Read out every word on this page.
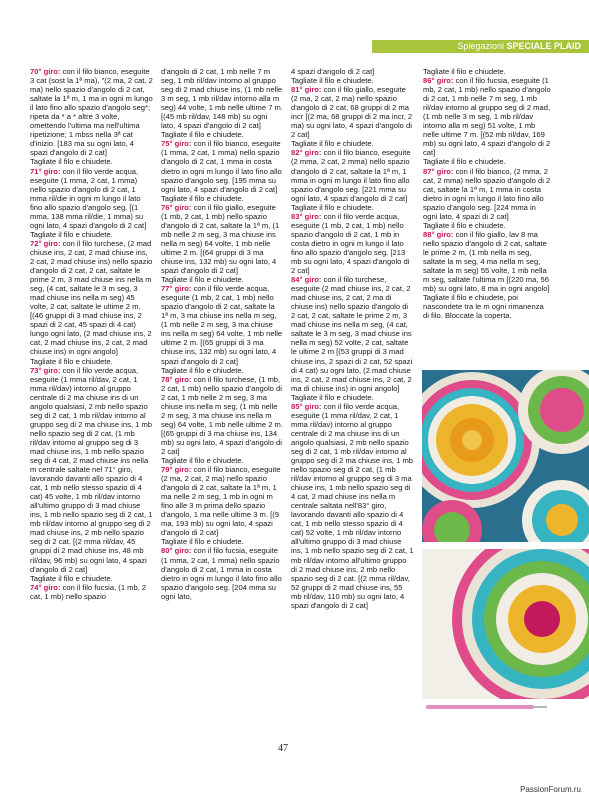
Spiegazioni SPECIALE PLAID

70° giro: con il filo bianco, eseguite 3 cat (sost la 1ª ma), "(2 ma, 2 cat, 2 ma) nello spazio d'angolo di 2 cat, saltate la 1ª m, 1 ma in ogni m lungo il lato fino allo spazio d'angolo seg*; ripeta da * a * altre 3 volte, omettendo l'ultima ma nell'ultima ripetizione; 1 mbss nella 3ª cat d'inizio. [183 ma su ogni lato, 4 spazi d'angolo di 2 cat]

Tagliate il filo e chiudete.

71° giro: con il filo verde acqua, eseguite (1 mma, 2 cat, 1 mma) nello spazio d'angolo di 2 cat, 1 mma ril/die in ogni m lungo il lato fino allo spazio d'angolo seg. [(1 mma, 138 mma ril/die, 1 mma) su ogni lato, 4 spazi d'angolo di 2 cat]

Tagliate il filo e chiudete.

72° giro: con il filo turchese, (2 mad chiuse ins, 2 cat, 2 mad chiuse ins, 2 cat, 2 mad chiuse ins) nello spazio d'angolo di 2 cat, 2 cat, saltate le prime 2 m, 3 mad chiuse ins nella m seg, (4 cat, saltate le 3 m seg, 3 mad chiuse ins nella m seg) 45 volte, 2 cat, saltate le ultime 2 m. [(46 gruppi di 3 mad chiuse ins, 2 spazi di 2 cat, 45 spazi di 4 cat) lungo ogni lato, (2 mad chiuse ins, 2 cat, 2 mad chiuse ins, 2 cat, 2 mad chiuse ins) in ogni angolo]

Tagliate il filo e chiudete.

73° giro: con il filo verde acqua, eseguite (1 mma ril/dav, 2 cat, 1 mma ril/dav) intorno al gruppo centrale di 2 ma chiuse ins di un angolo qualsiasi, 2 mb nello spazio seg di 2 cat, 1 mb ril/dav intorno al gruppo seg di 2 ma chiuse ins, 1 mb nello spazio seg di 2 cat, (1 mb ril/dav intorno al gruppo seg di 3 mad chiuse ins, 1 mb nello spazio seg di 4 cat, 2 mad chiuse ins nella m centrale saltate nel 71° giro, lavorando davanti allo spazio di 4 cat, 1 mb nello stesso spazio di 4 cat) 45 volte, 1 mb ril/dav intorno all'ultimo gruppo di 3 mad chiuse ins, 1 mb nello spazio seg di 2 cat, 1 mb ril/dav intorno al gruppo seg di 2 mad chiuse ins, 2 mb nello spazio seg di 2 cat. [(2 mma ril/dav, 45 gruppi di 2 mad chiuse ins, 48 mb ril/dav, 96 mb) su ogni lato, 4 spazi d'angolo di 2 cat]

Tagliate il filo e chiudete.

74° giro: con il filo fucsia, (1 mb, 2 cat, 1 mb) nello spazio

d'angolo di 2 cat, 1 mb nelle 7 m seg, 1 mb ril/dav intorno al gruppo seg di 2 mad chiuse ins, (1 mb nelle 3 m seg, 1 mb ril/dav intorno alla m seg) 44 volte, 1 mb nelle ultime 7 m. [(45 mb ril/dav, 148 mb) su ogni lato, 4 spazi d'angolo di 2 cat]

Tagliate il filo e chiudete.

75° giro: con il filo bianco, eseguite (1 mma, 2 cat, 1 mma) nello spazio d'angolo di 2 cat, 1 mma in costa dietro in ogni m lungo il lato fino allo spazio d'angolo seg. [195 mma su ogni lato, 4 spazi d'angolo di 2 cat]

Tagliate il filo e chiudete.

76° giro: con il filo giallo, eseguite (1 mb, 2 cat, 1 mb) nello spazio d'angolo di 2 cat, saltate la 1ª m, (1 mb nelle 2 m seg, 3 ma chiuse ins nella m seg) 64 volte, 1 mb nelle ultime 2 m. [(64 gruppi di 3 ma chiuse ins, 132 mb) su ogni lato, 4 spazi d'angolo di 2 cat]

Tagliate il filo e chiudete.

77° giro: con il filo verde acqua, eseguite (1 mb, 2 cat, 1 mb) nello spazio d'angolo di 2 cat, saltate la 1ª m, 3 ma chiuse ins nella m seg, (1 mb nelle 2 m seg, 3 ma chiuse ins nella m seg) 64 volte, 1 mb nelle ultime 2 m. [(65 gruppi di 3 ma chiuse ins, 132 mb) su ogni lato, 4 spazi d'angolo di 2 cat]

Tagliate il filo e chiudete.

78° giro: con il filo turchese, (1 mb, 2 cat, 1 mb) nello spazio d'angolo di 2 cat, 1 mb nelle 2 m seg, 3 ma chiuse ins nella m seg, (1 mb nelle 2 m seg, 3 ma chiuse ins nella m seg) 64 volte, 1 mb nelle ultime 2 m. [(65 gruppi di 3 ma chiuse ins, 134 mb) su ogni lato, 4 spazi d'angolo di 2 cat]

Tagliate il filo e chiudete.

79° giro: con il filo bianco, eseguite (2 ma, 2 cat, 2 ma) nello spazio d'angolo di 2 cat, saltate la 1ª m, 1 ma nelle 2 m seg, 1 mb in ogni m fino alle 3 m prima dello spazio d'angolo, 1 ma nelle ultime 3 m. [(9 ma, 193 mb) su ogni lato, 4 spazi d'angolo di 2 cat]

Tagliate il filo e chiudete.

80° giro: con il filo fucsia, eseguite (1 mma, 2 cat, 1 mma) nello spazio d'angolo di 2 cat, 1 mma in costa dietro in ogni m lungo il lato fino allo spazio d'angolo seg. [204 mma su ogni lato,

4 spazi d'angolo di 2 cat]

Tagliate il filo e chiudete.

81° giro: con il filo giallo, eseguite (2 ma, 2 cat, 2 ma) nello spazio d'angolo di 2 cat, 68 gruppi di 2 ma incr [(2 ma, 68 gruppi di 2 ma incr, 2 ma) su ogni lato, 4 spazi d'angolo di 2 cat]

Tagliate il filo e chiudete.

82° giro: con il filo bianco, eseguite (2 mma, 2 cat, 2 mma) nello spazio d'angolo di 2 cat, saltate la 1ª m, 1 mma in ogni m lungo il lato fino allo spazio d'angolo seg. [221 mma su ogni lato, 4 spazi d'angolo di 2 cat]

Tagliate il filo e chiudete.

83° giro: con il filo verde acqua, eseguite (1 mb, 2 cat, 1 mb) nello spazio d'angolo di 2 cat, 1 mb in costa dietro in ogni m lungo il lato fino allo spazio d'angolo seg. [213 mb su ogni lato, 4 spazi d'angolo di 2 cat]

84° giro: con il filo turchese, eseguite (2 mad chiuse ins, 2 cat, 2 mad chiuse ins, 2 cat, 2 ma di chiuse ins) nello spazio d'angolo di 2 cat, 2 cat, saltate le prime 2 m, 3 mad chiuse ins nella m seg, (4 cat, saltate le 3 m seg, 3 mad chiuse ins nella m seg) 52 volte, 2 cat, saltate le ultime 2 m [(53 gruppi di 3 mad chiuse ins, 2 spazi di 2 cat, 52 spazi di 4 cat) su ogni lato, (2 mad chiuse ins, 2 cat, 2 mad chiuse ins, 2 cat, 2 ma di chiuse ins) in ogni angolo]

Tagliate il filo e chiudete.

85° giro: con il filo verde acqua, eseguite (1 mma ril/dav, 2 cat, 1 mma ril/dav) intorno al gruppo centrale di 2 ma chiuse ins di un angolo qualsiasi, 2 mb nello spazio seg di 2 cat, 1 mb ril/dav intorno al gruppo seg di 2 ma chiuse ins, 1 mb nello spazio seg di 2 cat, (1 mb ril/dav intorno al gruppo seg di 3 ma chiuse ins, 1 mb nello spazio seg di 4 cat, 2 mad chiuse ins nella m centrale saltata nell'83° giro, lavorando davanti allo spazio di 4 cat, 1 mb nello stesso spazio di 4 cat) 52 volte, 1 mb ril/dav intorno all'ultimo gruppo di 3 mad chiuse ins, 1 mb nello spazio seg di 2 cat, 1 mb ril/dav intorno all'ultimo gruppo di 2 mad chiuse ins, 2 mb nello spazio seg di 2 cat. [(2 mma ril/dav, 52 gruppi di 2 mad chiuse ins, 55 mb ril/dav, 110 mb) su ogni lato, 4 spazi d'angolo di 2 cat]

Tagliate il filo e chiudete.

86° giro: con il filo fucsia, eseguite (1 mb, 2 cat, 1 mb) nello spazio d'angolo di 2 cat, 1 mb nelle 7 m seg, 1 mb ril/dav intorno al gruppo seg di 2 mad, (1 mb nelle 3 m seg, 1 mb ril/dav intorno alla m seg) 51 volte, 1 mb nelle ultime 7 m. [(52 mb ril/dav, 169 mb) su ogni lato, 4 spazi d'angolo di 2 cat]

Tagliate il filo e chiudete.

87° giro: con il filo bianco, (2 mma, 2 cat, 2 mma) nello spazio d'angolo di 2 cat, saltate la 1ª m, 1 mma in costa dietro in ogni m lungo il lato fino allo spazio d'angolo seg. [224 mma in ogni lato, 4 spazi di 2 cat]

Tagliate il filo e chiudete.

88° giro: con il filo giallo, lav 8 ma nello spazio d'angolo di 2 cat, saltate le prime 2 m, (1 mb nella m seg, saltate la m seg, 4 ma nella m seg, saltate la m seg) 55 volte, 1 mb nella m seg, saltate l'ultima m [(220 ma, 56 mb) su ogni lato, 8 ma in ogni angolo]

Tagliate il filo e chiudete, poi nascondete tra le m ogni rimanenza di filo. Bloccate la coperta.

47
PassionForum.ru
